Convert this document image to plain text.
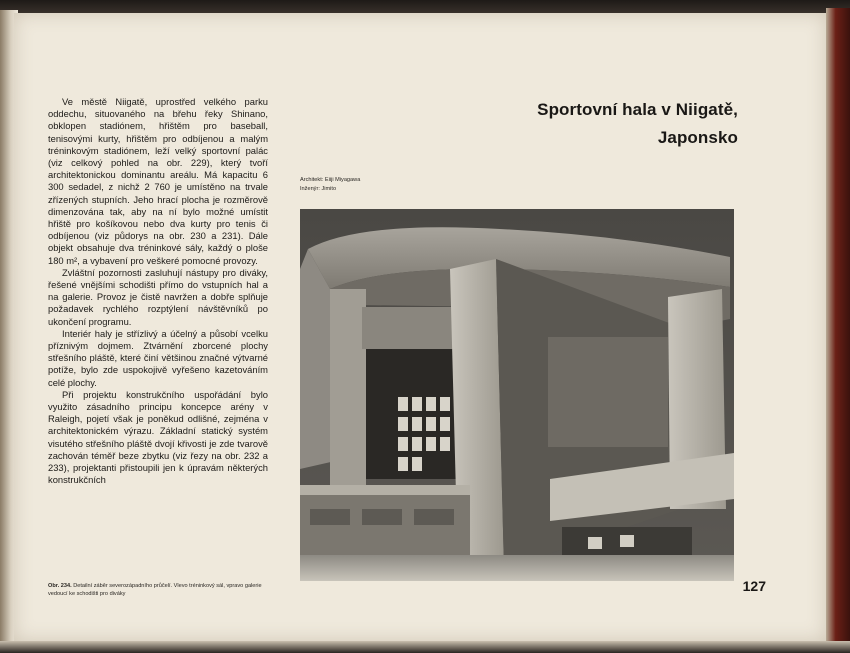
Ve městě Niigatě, uprostřed velkého parku oddechu, situovaného na břehu řeky Shinano, obklopen stadiónem, hřištěm pro baseball, tenisovými kurty, hřištěm pro odbíjenou a malým tréninkovým stadiónem, leží velký sportovní palác (viz celkový pohled na obr. 229), který tvoří architektonickou dominantu areálu. Má kapacitu 6 300 sedadel, z nichž 2 760 je umístěno na trvale zřízených stupních. Jeho hrací plocha je rozměrově dimenzována tak, aby na ní bylo možné umístit hřiště pro košíkovou nebo dva kurty pro tenis či odbíjenou (viz půdorys na obr. 230 a 231). Dále objekt obsahuje dva tréninkové sály, každý o ploše 180 m², a vybavení pro veškeré pomocné provozy.

Zvláštní pozornosti zasluhují nástupy pro diváky, řešené vnějšími schodišti přímo do vstupních hal a na galerie. Provoz je čistě navržen a dobře splňuje požadavek rychlého rozptýlení návštěvníků po ukončení programu.

Interiér haly je střízlivý a účelný a působí vcelku příznivým dojmem. Ztvárnění zborcené plochy střešního pláště, které činí většinou značné výtvarné potíže, bylo zde uspokojivě vyřešeno kazetováním celé plochy.

Při projektu konstrukčního uspořádání bylo využito zásadního principu koncepce arény v Raleigh, pojetí však je poněkud odlišné, zejména v architektonickém výrazu. Základní statický systém visutého střešního pláště dvojí křivosti je zde tvarově zachován téměř beze zbytku (viz řezy na obr. 232 a 233), projektanti přistoupili jen k úpravám některých konstrukčních

Sportovní hala v Niigatě,
Japonsko
Architekt: Eiiji Miyagawa
Inženýr: Jimito
Obr. 234. Detailní záběr severozápadního průčelí. Vlevo tréninkový sál, vpravo galerie vedoucí ke schodišti pro diváky	127
